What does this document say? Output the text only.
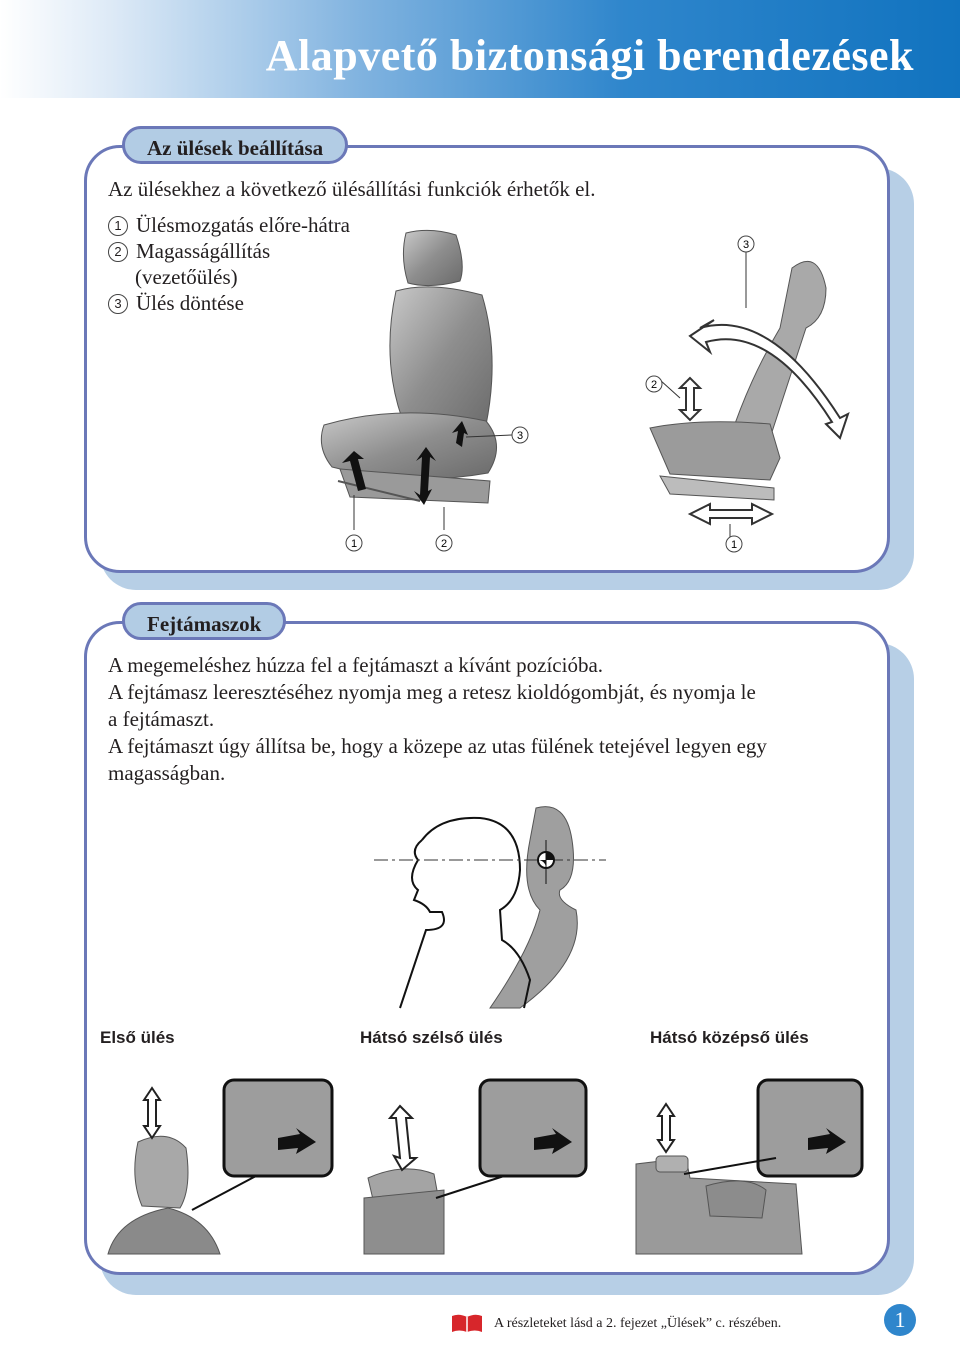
Alapvető biztonsági berendezések
Az ülések beállítása
Az ülésekhez a következő ülésállítási funkciók érhetők el.
1 Ülésmozgatás előre-hátra
2 Magasságállítás
(vezetőülés)
3 Ülés döntése
3
1	2
3
2
1
Fejtámaszok
A megemeléshez húzza fel a fejtámaszt a kívánt pozícióba.
A fejtámasz leeresztéséhez nyomja meg a retesz kioldógombját, és nyomja le
a fejtámaszt.
A fejtámaszt úgy állítsa be, hogy a közepe az utas fülének tetejével legyen egy
magasságban.
Első ülés	Hátsó szélső ülés	Hátsó középső ülés
A részleteket lásd a 2. fejezet „Ülések” c. részében.	1
